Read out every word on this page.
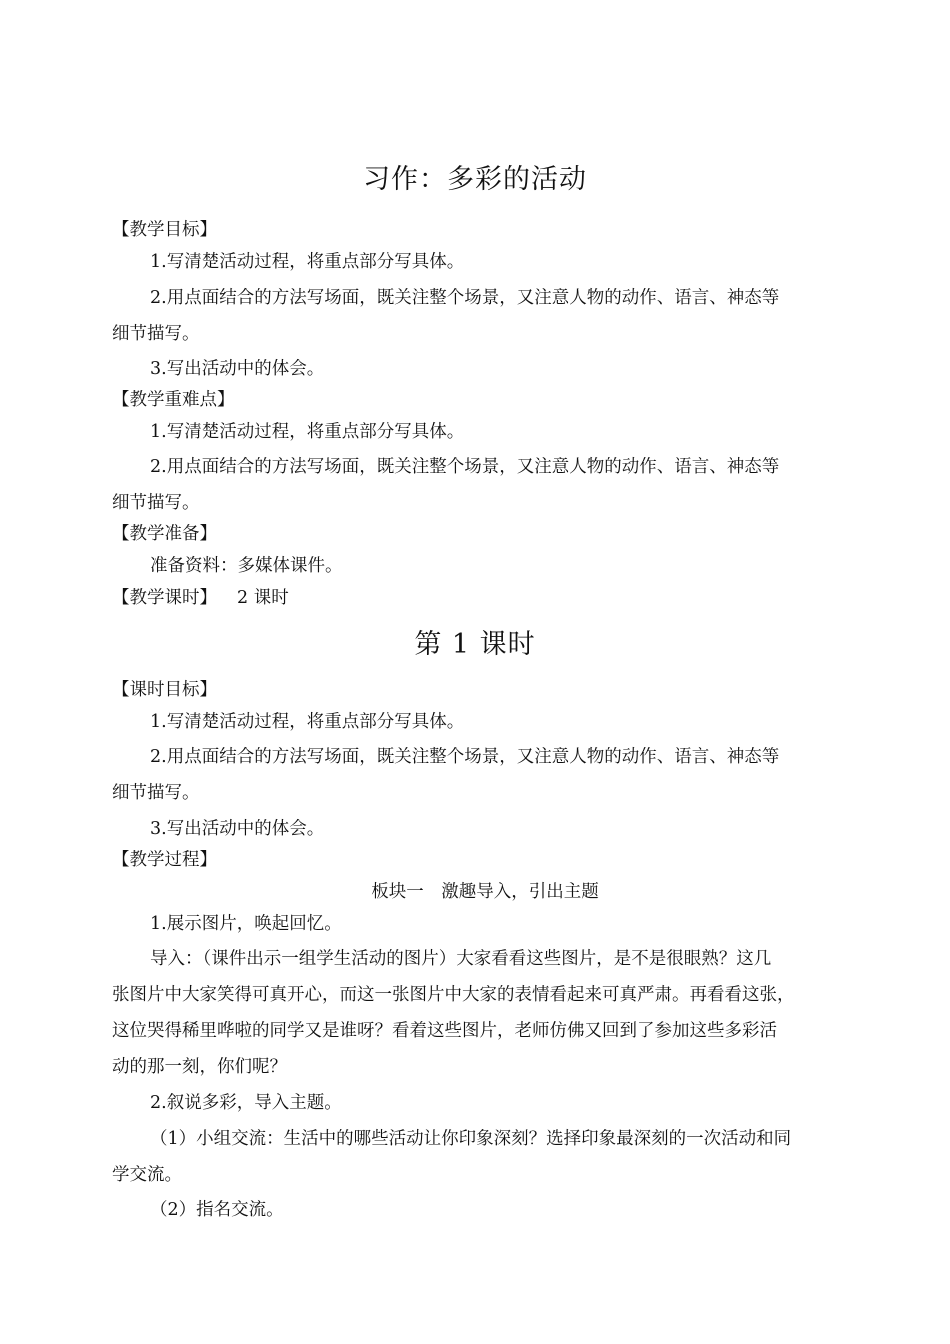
习作：多彩的活动
【教学目标】
1.写清楚活动过程，将重点部分写具体。
2.用点面结合的方法写场面，既关注整个场景，又注意人物的动作、语言、神态等
细节描写。
3.写出活动中的体会。
【教学重难点】
1.写清楚活动过程，将重点部分写具体。
2.用点面结合的方法写场面，既关注整个场景，又注意人物的动作、语言、神态等
细节描写。
【教学准备】
准备资料：多媒体课件。
【教学课时】 2 课时
第 1 课时
【课时目标】
1.写清楚活动过程，将重点部分写具体。
2.用点面结合的方法写场面，既关注整个场景，又注意人物的动作、语言、神态等
细节描写。
3.写出活动中的体会。
【教学过程】
板块一　激趣导入，引出主题
1.展示图片，唤起回忆。
导入：（课件出示一组学生活动的图片）大家看看这些图片，是不是很眼熟？这几
张图片中大家笑得可真开心，而这一张图片中大家的表情看起来可真严肃。再看看这张，
这位哭得稀里哗啦的同学又是谁呀？看着这些图片，老师仿佛又回到了参加这些多彩活
动的那一刻，你们呢？
2.叙说多彩，导入主题。
（1）小组交流：生活中的哪些活动让你印象深刻？选择印象最深刻的一次活动和同
学交流。
（2）指名交流。
